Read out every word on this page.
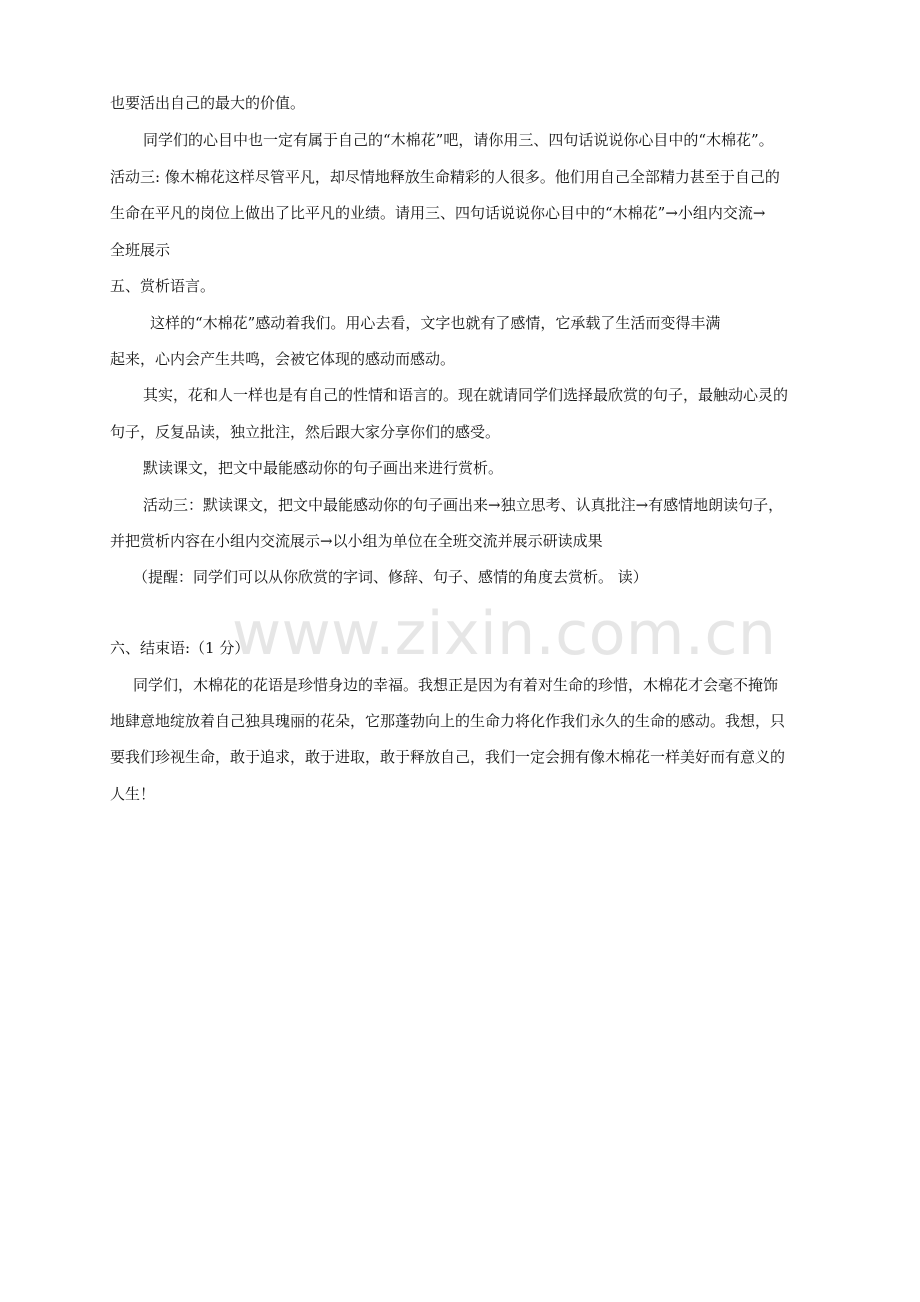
www.zixin.com.cn
也要活出自己的最大的价值。
同学们的心目中也一定有属于自己的“木棉花”吧，请你用三、四句话说说你心目中的“木棉花”。
活动三: 像木棉花这样尽管平凡，却尽情地释放生命精彩的人很多。他们用自己全部精力甚至于自己的
生命在平凡的岗位上做出了比平凡的业绩。请用三、四句话说说你心目中的“木棉花”→小组内交流→
全班展示
五、赏析语言。
这样的“木棉花”感动着我们。用心去看，文字也就有了感情，它承载了生活而变得丰满
起来，心内会产生共鸣，会被它体现的感动而感动。
其实，花和人一样也是有自己的性情和语言的。现在就请同学们选择最欣赏的句子，最触动心灵的
句子，反复品读，独立批注，然后跟大家分享你们的感受。
默读课文，把文中最能感动你的句子画出来进行赏析。
活动三：默读课文，把文中最能感动你的句子画出来→独立思考、认真批注→有感情地朗读句子，
并把赏析内容在小组内交流展示→以小组为单位在全班交流并展示研读成果
（提醒：同学们可以从你欣赏的字词、修辞、句子、感情的角度去赏析。 读）
六、结束语:（1 分）
同学们，木棉花的花语是珍惜身边的幸福。我想正是因为有着对生命的珍惜，木棉花才会毫不掩饰
地肆意地绽放着自己独具瑰丽的花朵，它那蓬勃向上的生命力将化作我们永久的生命的感动。我想，只
要我们珍视生命，敢于追求，敢于进取，敢于释放自己，我们一定会拥有像木棉花一样美好而有意义的
人生！
